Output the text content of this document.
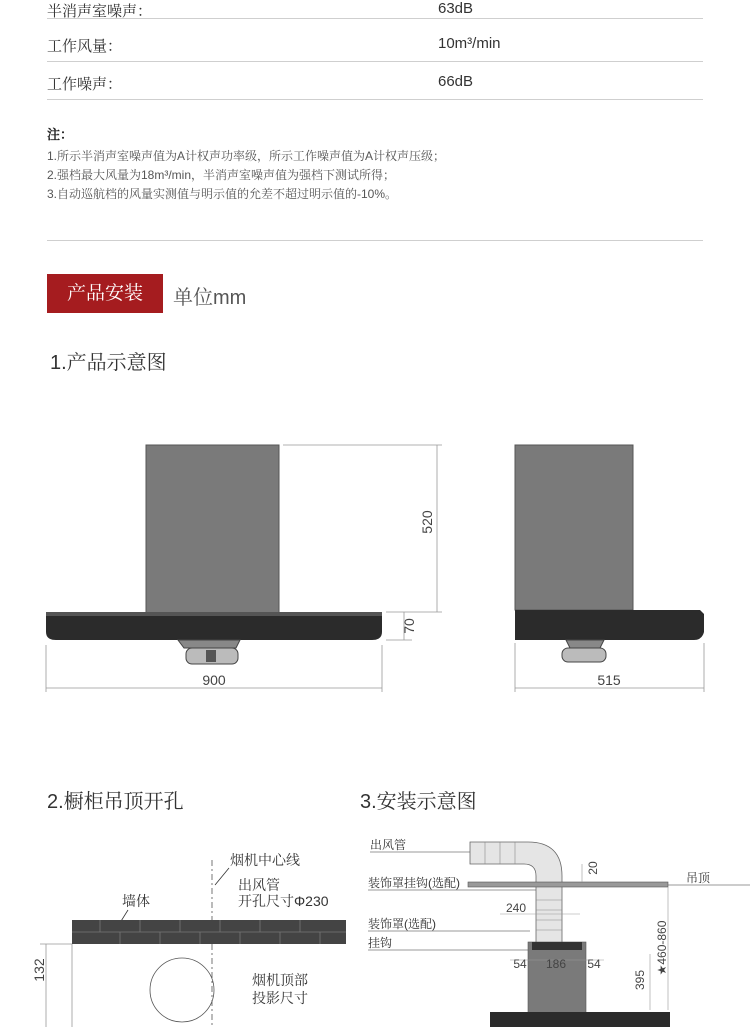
半消声室噪声：	63dB
工作风量：	10m³/min
工作噪声：	66dB
注：
1.所示半消声室噪声值为A计权声功率级，所示工作噪声值为A计权声压级；
2.强档最大风量为18m³/min，半消声室噪声值为强档下测试所得；
3.自动巡航档的风量实测值与明示值的允差不超过明示值的-10%。
产品安装	单位mm
1.产品示意图
520
70
900	515
2.橱柜吊顶开孔
烟机中心线
出风管
开孔尺寸Φ230
墙体
132	烟机顶部
投影尺寸
3.安装示意图
出风管
装饰罩挂钩(选配)
装饰罩(选配)
挂钩
吊顶
20
240
54 186 54
395
★460-860
